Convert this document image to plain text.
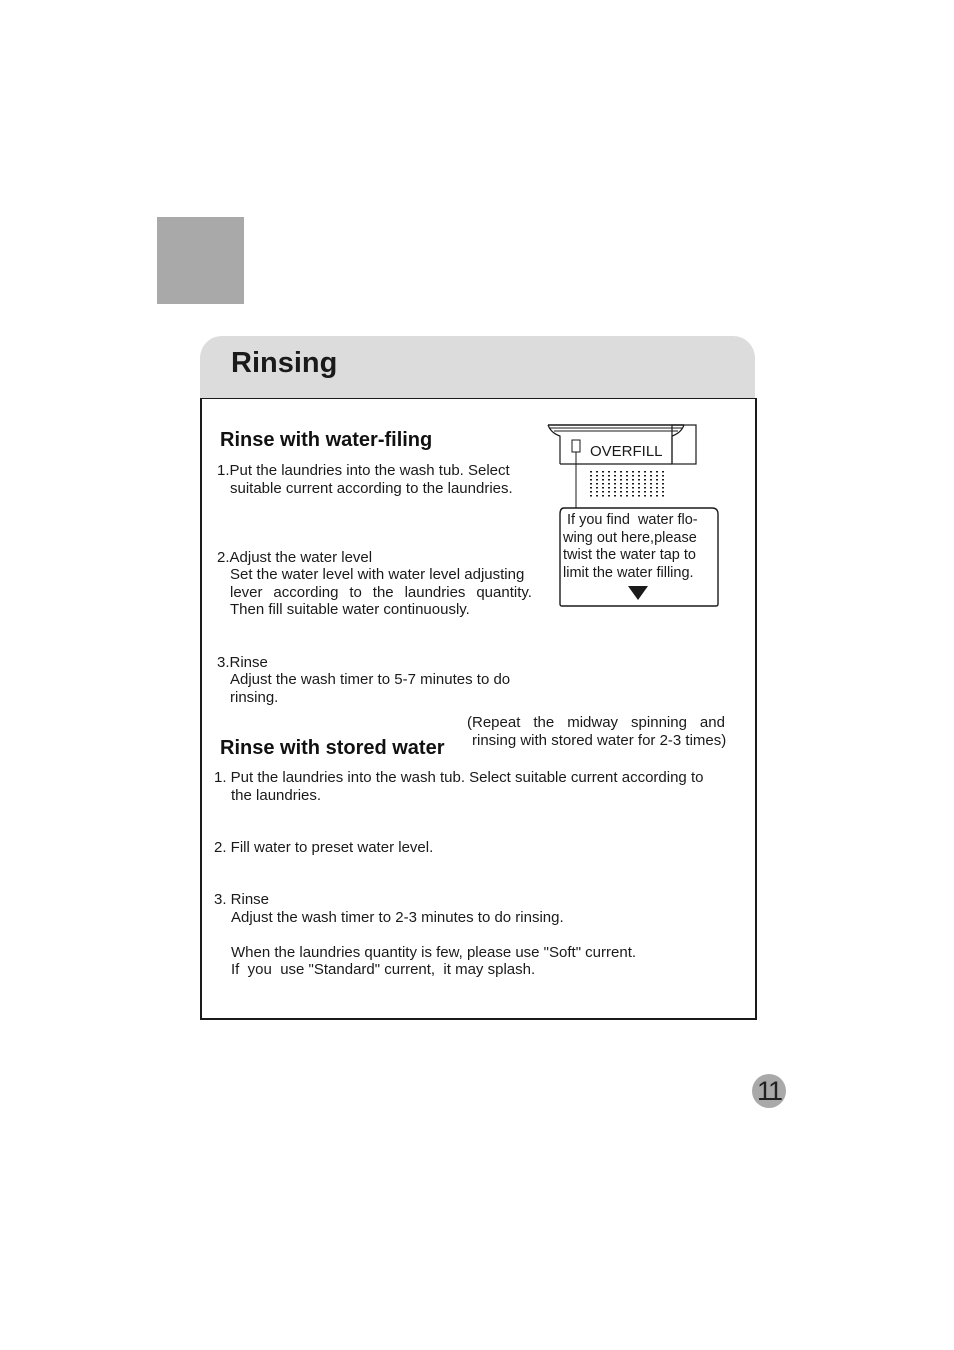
Rinsing
Rinse with water-filing
1.Put the laundries into the wash tub. Select
suitable current according to the laundries.
2.Adjust the water level
Set the water level with water level adjusting
lever according to the laundries quantity.
Then fill suitable water continuously.
3.Rinse
Adjust the wash timer to 5-7 minutes to do
rinsing.
(Repeat the midway spinning and
rinsing with stored water for 2-3 times)
OVERFILL
If you find  water flo-
wing out here,please
twist the water tap to
limit the water filling.
Rinse with stored water
1. Put the laundries into the wash tub. Select suitable current according to
the laundries.
2. Fill water to preset water level.
3. Rinse
Adjust the wash timer to 2-3 minutes to do rinsing.
When the laundries quantity is few, please use "Soft" current.
If  you  use "Standard" current,  it may splash.
11
